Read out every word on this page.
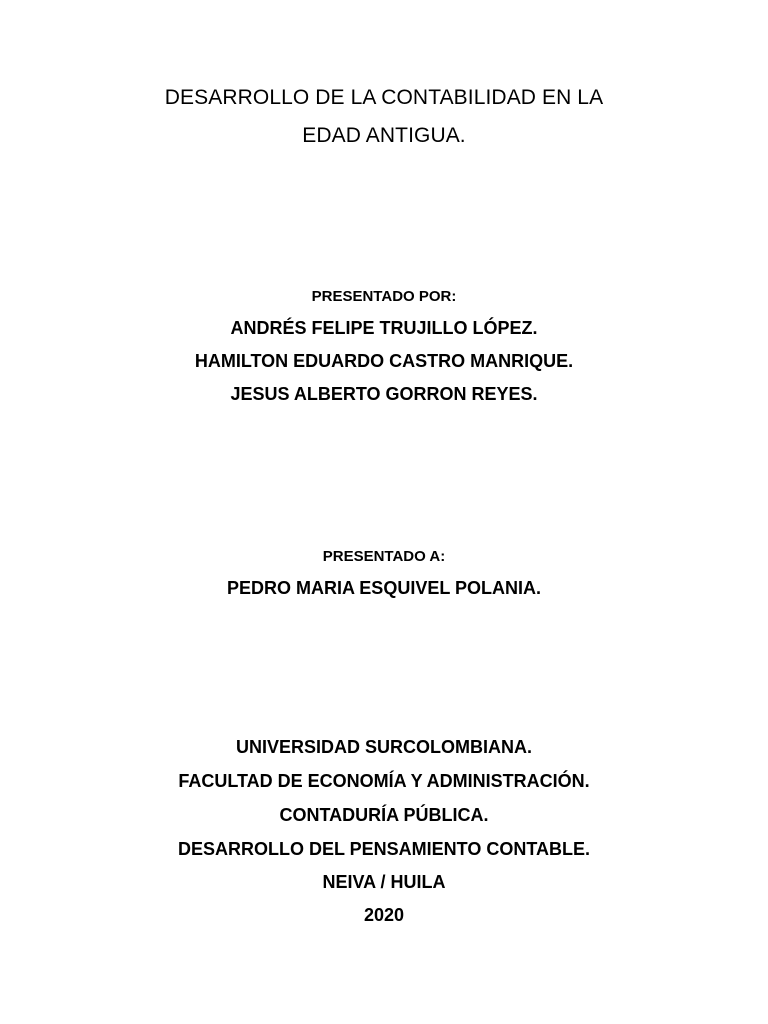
DESARROLLO DE LA CONTABILIDAD EN LA
EDAD ANTIGUA.
PRESENTADO POR:
ANDRÉS FELIPE TRUJILLO LÓPEZ.
HAMILTON EDUARDO CASTRO MANRIQUE.
JESUS ALBERTO GORRON REYES.
PRESENTADO A:
PEDRO MARIA ESQUIVEL POLANIA.
UNIVERSIDAD SURCOLOMBIANA.
FACULTAD DE ECONOMÍA Y ADMINISTRACIÓN.
CONTADURÍA PÚBLICA.
DESARROLLO DEL PENSAMIENTO CONTABLE.
NEIVA / HUILA
2020
